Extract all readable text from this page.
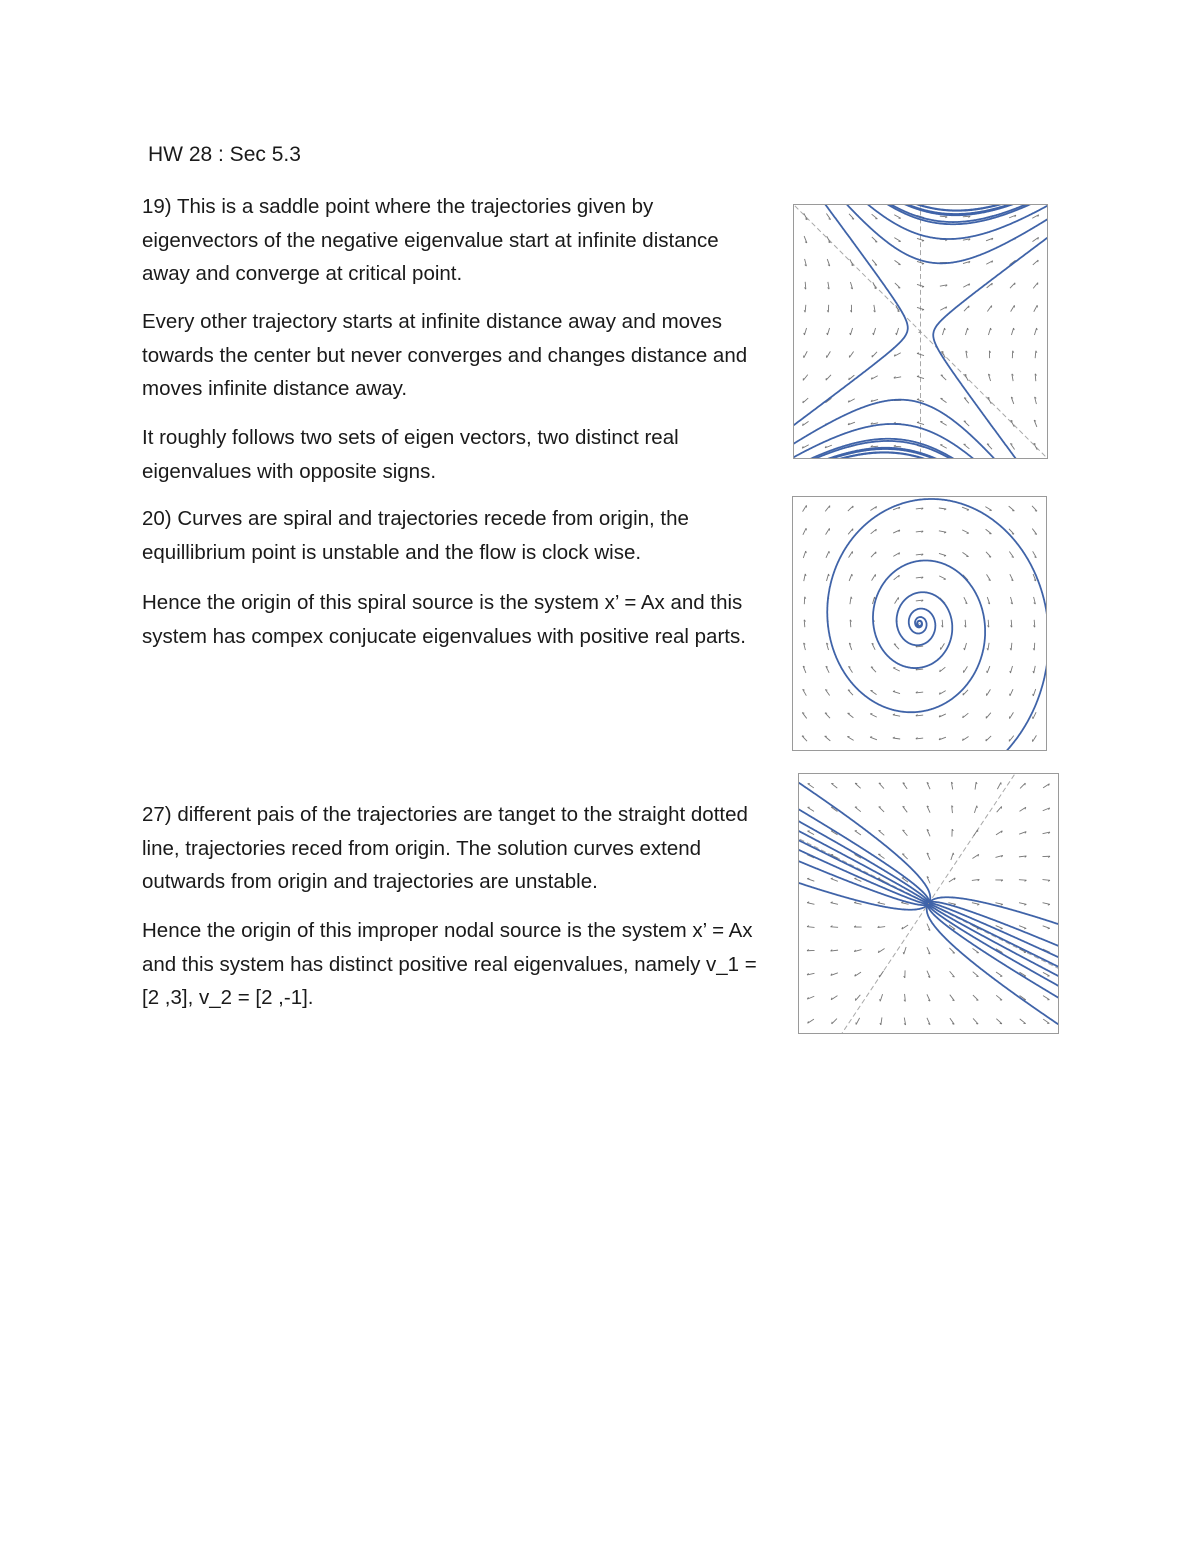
HW 28 : Sec 5.3

19) This is a saddle point where the trajectories given by eigenvectors of the negative eigenvalue start at infinite distance away and converge at critical point.

Every other trajectory starts at infinite distance away and moves towards the center but never converges and changes distance and moves infinite distance away.

It roughly follows two sets of eigen vectors, two distinct real eigenvalues with opposite signs.

20) Curves are spiral and trajectories recede from origin, the equillibrium point is unstable and the flow is clock wise.

Hence the origin of this spiral source is the system x’ = Ax and this system has compex conjucate eigenvalues with positive real parts.

27) different pais of the trajectories are tanget to the straight dotted line, trajectories reced from origin. The solution curves extend outwards from origin and trajectories are unstable.

Hence the origin of this improper nodal source is the system x’ = Ax and this system has distinct positive real eigenvalues, namely v_1 = [2 ,3], v_2 = [2 ,-1].
